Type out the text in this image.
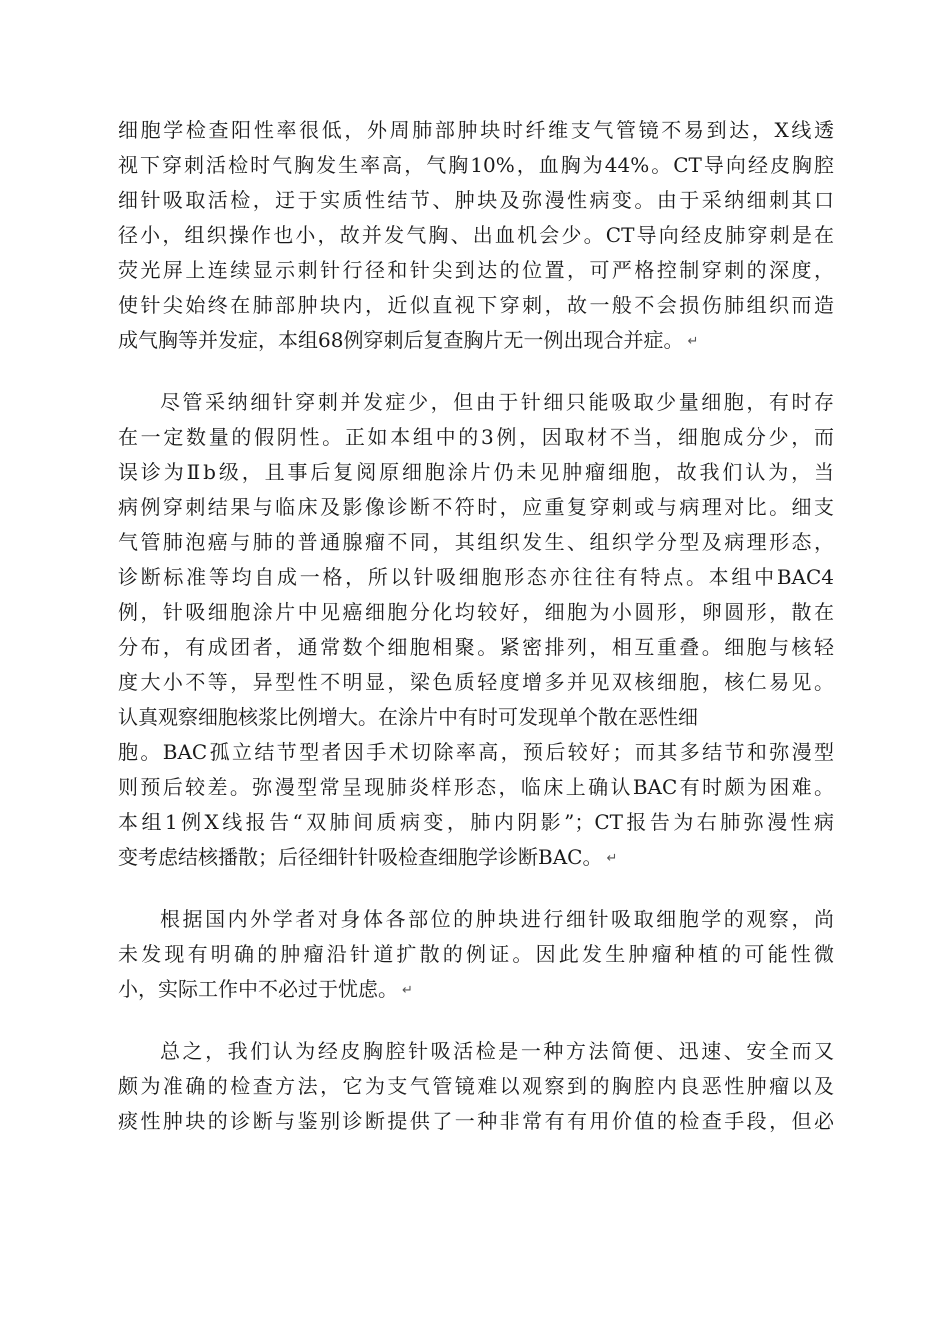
细胞学检查阳性率很低，外周肺部肿块时纤维支气管镜不易到达，X线透
视下穿刺活检时气胸发生率高，气胸10%，血胸为44%。CT导向经皮胸腔
细针吸取活检，迂于实质性结节、肿块及弥漫性病变。由于采纳细刺其口
径小，组织操作也小，故并发气胸、出血机会少。CT导向经皮肺穿刺是在
荧光屏上连续显示刺针行径和针尖到达的位置，可严格控制穿刺的深度，
使针尖始终在肺部肿块内，近似直视下穿刺，故一般不会损伤肺组织而造
成气胸等并发症，本组68例穿刺后复查胸片无一例出现合并症。 ↵
尽管采纳细针穿刺并发症少，但由于针细只能吸取少量细胞，有时存
在一定数量的假阴性。正如本组中的3例，因取材不当，细胞成分少，而
误诊为Ⅱb级，且事后复阅原细胞涂片仍未见肿瘤细胞，故我们认为，当
病例穿刺结果与临床及影像诊断不符时，应重复穿刺或与病理对比。细支
气管肺泡癌与肺的普通腺瘤不同，其组织发生、组织学分型及病理形态，
诊断标准等均自成一格，所以针吸细胞形态亦往往有特点。本组中BAC4
例，针吸细胞涂片中见癌细胞分化均较好，细胞为小圆形，卵圆形，散在
分布，有成团者，通常数个细胞相聚。紧密排列，相互重叠。细胞与核轻
度大小不等，异型性不明显，梁色质轻度增多并见双核细胞，核仁易见。
认真观察细胞核浆比例增大。在涂片中有时可发现单个散在恶性细
胞。BAC孤立结节型者因手术切除率高，预后较好；而其多结节和弥漫型
则预后较差。弥漫型常呈现肺炎样形态，临床上确认BAC有时颇为困难。
本组1例X线报告“双肺间质病变，肺内阴影”；CT报告为右肺弥漫性病
变考虑结核播散；后径细针针吸检查细胞学诊断BAC。 ↵
根据国内外学者对身体各部位的肿块进行细针吸取细胞学的观察，尚
未发现有明确的肿瘤沿针道扩散的例证。因此发生肿瘤种植的可能性微
小，实际工作中不必过于忧虑。 ↵
总之，我们认为经皮胸腔针吸活检是一种方法简便、迅速、安全而又
颇为准确的检查方法，它为支气管镜难以观察到的胸腔内良恶性肿瘤以及
痰性肿块的诊断与鉴别诊断提供了一种非常有有用价值的检查手段，但必
